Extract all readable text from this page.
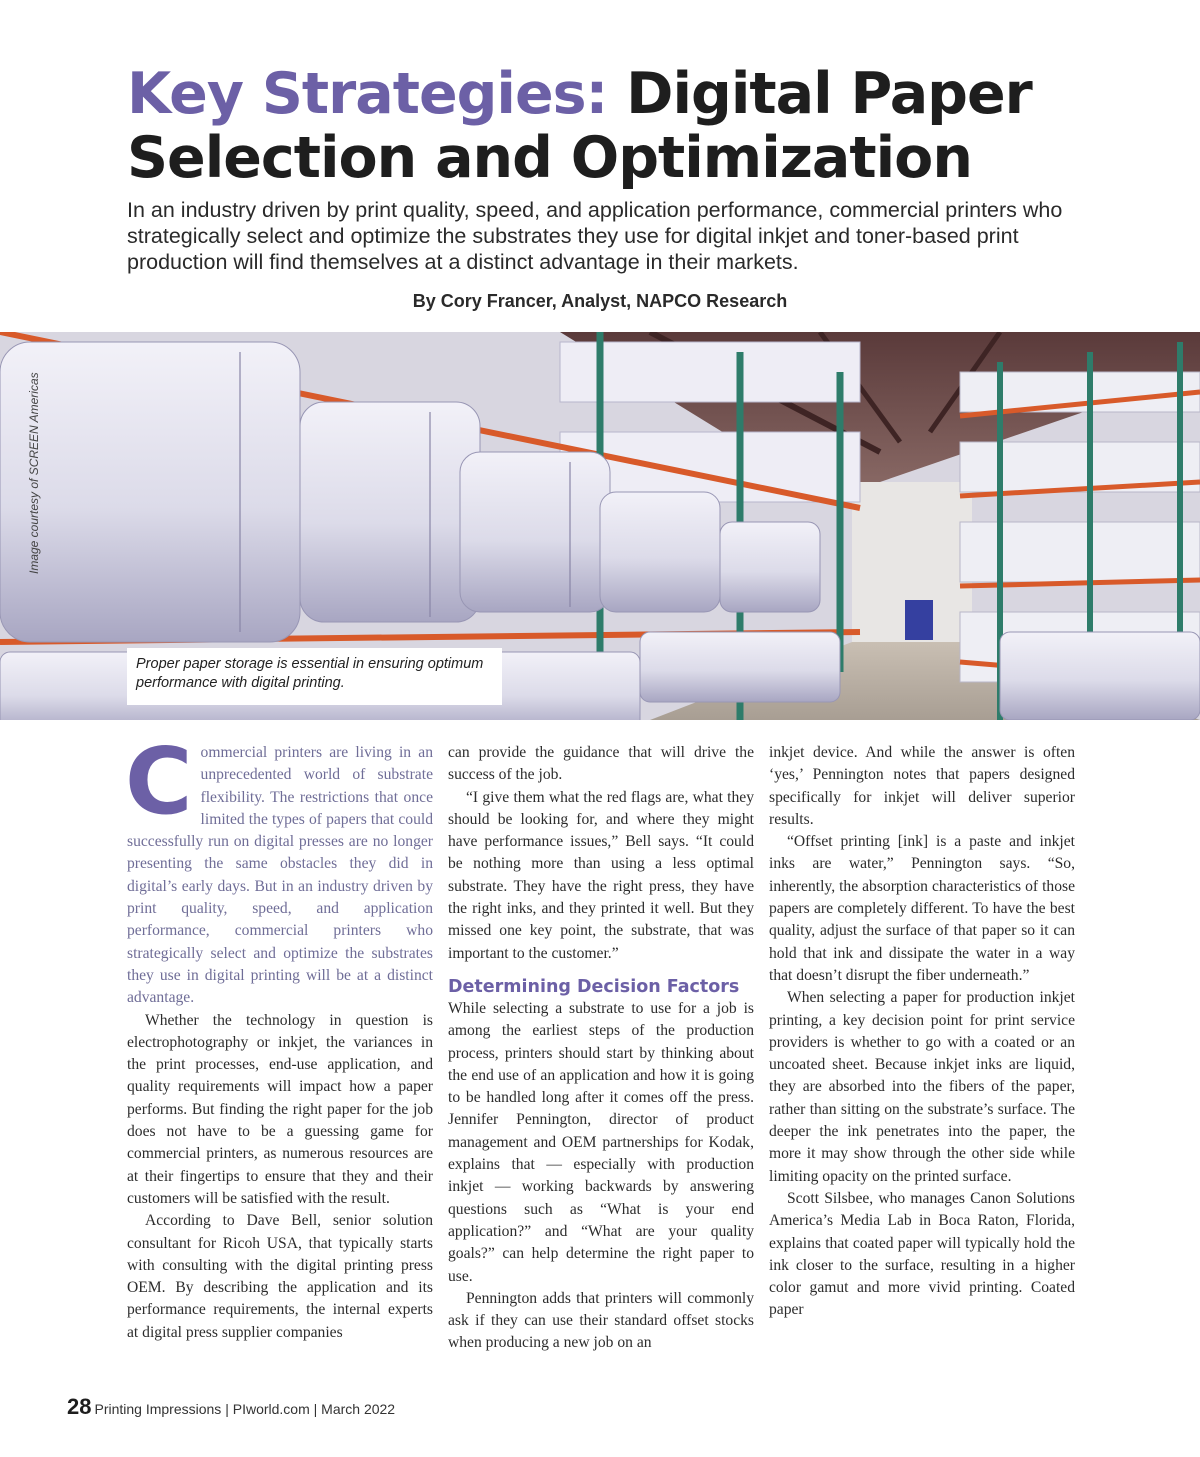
Key Strategies: Digital Paper Selection and Optimization

In an industry driven by print quality, speed, and application performance, commercial printers who strategically select and optimize the substrates they use for digital inkjet and toner-based print production will find themselves at a distinct advantage in their markets.

By Cory Francer, Analyst, NAPCO Research
Image courtesy of SCREEN Americas
Proper paper storage is essential in ensuring optimum performance with digital printing.

Commercial printers are living in an unprecedented world of substrate flexibility. The restrictions that once limited the types of papers that could successfully run on digital presses are no longer presenting the same obstacles they did in digital’s early days. But in an industry driven by print quality, speed, and application performance, commercial printers who strategically select and optimize the substrates they use in digital printing will be at a distinct advantage.

Whether the technology in question is electrophotography or inkjet, the variances in the print processes, end-use application, and quality requirements will impact how a paper performs. But finding the right paper for the job does not have to be a guessing game for commercial printers, as numerous resources are at their fingertips to ensure that they and their customers will be satisfied with the result.

According to Dave Bell, senior solution consultant for Ricoh USA, that typically starts with consulting with the digital printing press OEM. By describing the application and its performance requirements, the internal experts at digital press supplier companies

can provide the guidance that will drive the success of the job.

“I give them what the red flags are, what they should be looking for, and where they might have performance issues,” Bell says. “It could be nothing more than using a less optimal substrate. They have the right press, they have the right inks, and they printed it well. But they missed one key point, the substrate, that was important to the customer.”

Determining Decision Factors

While selecting a substrate to use for a job is among the earliest steps of the production process, printers should start by thinking about the end use of an application and how it is going to be handled long after it comes off the press. Jennifer Pennington, director of product management and OEM partnerships for Kodak, explains that — especially with production inkjet — working backwards by answering questions such as “What is your end application?” and “What are your quality goals?” can help determine the right paper to use.

Pennington adds that printers will commonly ask if they can use their standard offset stocks when producing a new job on an

inkjet device. And while the answer is often ‘yes,’ Pennington notes that papers designed specifically for inkjet will deliver superior results.

“Offset printing [ink] is a paste and inkjet inks are water,” Pennington says. “So, inherently, the absorption characteristics of those papers are completely different. To have the best quality, adjust the surface of that paper so it can hold that ink and dissipate the water in a way that doesn’t disrupt the fiber underneath.”

When selecting a paper for production inkjet printing, a key decision point for print service providers is whether to go with a coated or an uncoated sheet. Because inkjet inks are liquid, they are absorbed into the fibers of the paper, rather than sitting on the substrate’s surface. The deeper the ink penetrates into the paper, the more it may show through the other side while limiting opacity on the printed surface.

Scott Silsbee, who manages Canon Solutions America’s Media Lab in Boca Raton, Florida, explains that coated paper will typically hold the ink closer to the surface, resulting in a higher color gamut and more vivid printing. Coated paper

28 Printing Impressions | PIworld.com | March 2022
